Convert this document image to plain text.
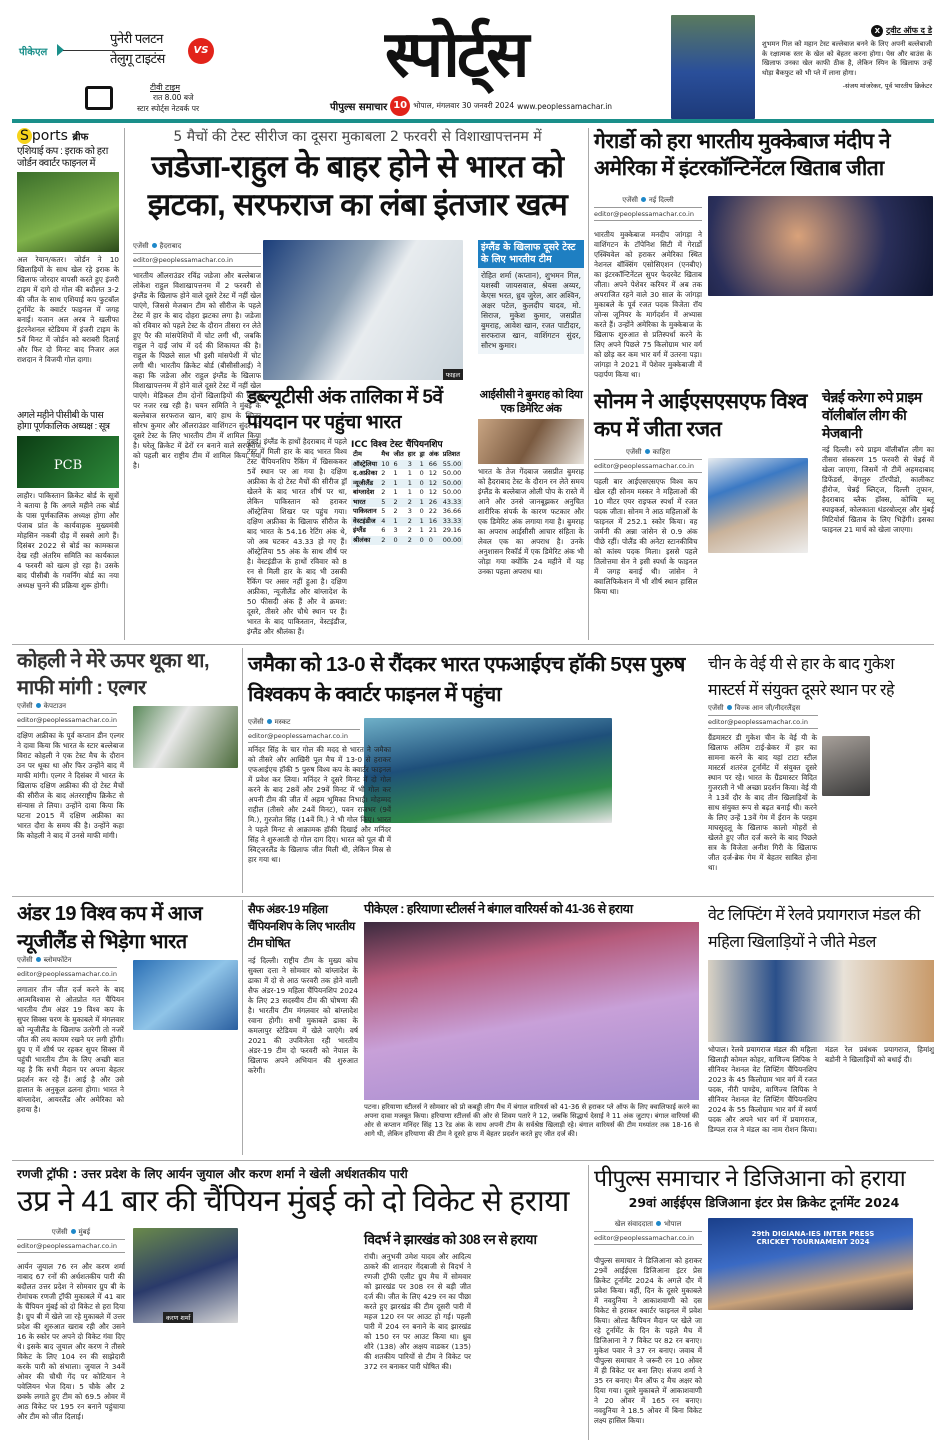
पीकेएल
पुनेरी पलटन
तेलुगू टाइटंस
VS
टीवी टाइम
रात 8.00 बजे
स्टार स्पोर्ट्स नेटवर्क पर
स्पोर्ट्स
पीपुल्स समाचार 10 भोपाल, मंगलवार 30 जनवरी 2024 www.peoplessamachar.in
X ट्वीट ऑफ द डे
शुभमन गिल को महान टेस्ट बल्लेबाज बनने के लिए अपनी बल्लेबाजी के रक्षात्मक स्तर के खेल को बेहतर करना होगा। पेस और बाउंस के खिलाफ उनका खेल काफी ठीक है, लेकिन स्पिन के खिलाफ उन्हें थोड़ा बैकफुट को भी प्ले में लाना होगा।
-संजय मांजरेकर, पूर्व भारतीय क्रिकेटर
S ports ब्रीफ
एशियाई कप : इराक को हरा जोर्डन क्वार्टर फाइनल में
अल रेयान/कतर। जोर्डन ने 10 खिलाड़ियों के साथ खेल रहे इराक के खिलाफ जोरदार वापसी करते हुए इंजरी टाइम में दागे दो गोल की बदौलत 3-2 की जीत के साथ एशियाई कप फुटबॉल टूर्नामेंट के क्वार्टर फाइनल में जगह बनाई। यजान अल अरब ने खलीफा इंटरनेशनल स्टेडियम में इंजरी टाइम के 5वें मिनट में जोर्डन को बराबरी दिलाई और फिर दो मिनट बाद निजार अल राशदान ने विजयी गोल दागा।
अगले महीने पीसीबी के पास होगा पूर्णकालिक अध्यक्ष : सूत्र
PCB
लाहौर। पाकिस्तान क्रिकेट बोर्ड के सूत्रों ने बताया है कि अगले महीने तक बोर्ड के पास पूर्णकालिक अध्यक्ष होगा और पंजाब प्रांत के कार्यवाहक मुख्यमंत्री मोहसिन नकवी दौड़ में सबसे आगे हैं। दिसंबर 2022 से बोर्ड का कामकाज देख रही अंतरिम समिति का कार्यकाल 4 फरवरी को खत्म हो रहा है। उसके बाद पीसीबी के गवर्निंग बोर्ड का नया अध्यक्ष चुनने की प्रक्रिया शुरू होगी।
5 मैचों की टेस्ट सीरीज का दूसरा मुकाबला 2 फरवरी से विशाखापत्तनम में
जडेजा-राहुल के बाहर होने से भारत को झटका, सरफराज का लंबा इंतजार खत्म
एजेंसी हैदराबाद
editor@peoplessamachar.co.in
भारतीय ऑलराउंडर रविंद्र जडेजा और बल्लेबाज लोकेश राहुल विशाखापत्तनम में 2 फरवरी से इंग्लैंड के खिलाफ होने वाले दूसरे टेस्ट में नहीं खेल पाएंगे, जिससे मेजबान टीम को सीरीज के पहले टेस्ट में हार के बाद दोहरा झटका लगा है। जडेजा को रविवार को पहले टेस्ट के दौरान तीसरा रन लेते हुए पैर की मांसपेशियों में चोट लगी थी, जबकि राहुल ने दाईं जांघ में दर्द की शिकायत की है। राहुल के पिछले साल भी इसी मांसपेशी में चोट लगी थी। भारतीय क्रिकेट बोर्ड (बीसीसीआई) ने कहा कि जडेजा और राहुल इंग्लैंड के खिलाफ विशाखापत्तनम में होने वाले दूसरे टेस्ट में नहीं खेल पाएंगे। मेडिकल टीम दोनों खिलाड़ियों की प्रगति पर नजर रख रही है। चयन समिति ने मुंबई के बल्लेबाज सरफराज खान, बाएं हाथ के स्पिनर सौरभ कुमार और ऑलराउंडर वाशिंगटन सुंदर को दूसरे टेस्ट के लिए भारतीय टीम में शामिल किया है। घरेलू क्रिकेट में ढेरों रन बनाने वाले सरफराज को पहली बार राष्ट्रीय टीम में शामिल किया गया है।
फाइल
इंग्लैंड के खिलाफ दूसरे टेस्ट के लिए भारतीय टीम
रोहित शर्मा (कप्तान), शुभमन गिल, यशस्वी जायसवाल, श्रेयस अय्यर, केएस भरत, ध्रुव जुरेल, आर अश्विन, अक्षर पटेल, कुलदीप यादव, मो. सिराज, मुकेश कुमार, जसप्रीत बुमराह, आवेश खान, रजत पाटीदार, सरफराज खान, वाशिंगटन सुंदर, सौरभ कुमार।
डब्ल्यूटीसी अंक तालिका में 5वें पायदान पर पहुंचा भारत
दुबई। इंग्लैंड के हाथों हैदराबाद में पहले टेस्ट में मिली हार के बाद भारत विश्व टेस्ट चैंपियनशिप रैंकिंग में खिसककर 5वें स्थान पर आ गया है। दक्षिण अफ्रीका के दो टेस्ट मैचों की सीरीज ड्रॉ खेलने के बाद भारत शीर्ष पर था, लेकिन पाकिस्तान को हराकर ऑस्ट्रेलिया शिखर पर पहुंच गया। दक्षिण अफ्रीका के खिलाफ सीरीज के बाद भारत के 54.16 रेटिंग अंक थे, जो अब घटकर 43.33 हो गए हैं। ऑस्ट्रेलिया 55 अंक के साथ शीर्ष पर है। वेस्टइंडीज के हाथों रविवार को 8 रन से मिली हार के बाद भी उसकी रैंकिंग पर असर नहीं हुआ है। दक्षिण अफ्रीका, न्यूजीलैंड और बांग्लादेश के 50 फीसदी अंक हैं और वे क्रमश: दूसरे, तीसरे और चौथे स्थान पर हैं। भारत के बाद पाकिस्तान, वेस्टइंडीज, इंग्लैंड और श्रीलंका हैं।
ICC विश्व टेस्ट चैंपियनशिप
टीम	मैच	जीत	हार	ड्रा	अंक	प्रतिशत
ऑस्ट्रेलिया	10	6	3	1	66	55.00
द.अफ्रीका	2	1	1	0	12	50.00
न्यूजीलैंड	2	1	1	0	12	50.00
बांग्लादेश	2	1	1	0	12	50.00
भारत	5	2	2	1	26	43.33
पाकिस्तान	5	2	3	0	22	36.66
वेस्टइंडीज	4	1	2	1	16	33.33
इंग्लैंड	6	3	2	1	21	29.16
श्रीलंका	2	0	2	0	0	00.00
आईसीसी ने बुमराह को दिया एक डिमेरिट अंक
भारत के तेज गेंदबाज जसप्रीत बुमराह को हैदराबाद टेस्ट के दौरान रन लेते समय इंग्लैंड के बल्लेबाज ओली पोप के रास्ते में आने और उनसे जानबूझकर अनुचित शारीरिक संपर्क के कारण फटकार और एक डिमेरिट अंक लगाया गया है। बुमराह का अपराध आईसीसी आचार संहिता के लेवल एक का अपराध है। उनके अनुशासन रिकॉर्ड में एक डिमेरिट अंक भी जोड़ा गया क्योंकि 24 महीने में यह उनका पहला अपराध था।
गेरार्डो को हरा भारतीय मुक्केबाज मंदीप ने अमेरिका में इंटरकॉन्टिनेंटल खिताब जीता
एजेंसी नई दिल्ली
editor@peoplessamachar.co.in
भारतीय मुक्केबाज मनदीप जांगड़ा ने वाशिंगटन के टॉपेनिश सिटी में गेरार्डो एस्क्विवेल को हराकर अमेरिका स्थित नेशनल बॉक्सिंग एसोसिएशन (एनबीए) का इंटरकॉन्टिनेंटल सुपर फेदरवेट खिताब जीता। अपने पेशेवर करियर में अब तक अपराजित रहने वाले 30 साल के जांगड़ा मुकाबले के पूर्व रजत पदक विजेता रॉय जोन्स जूनियर के मार्गदर्शन में अभ्यास करते हैं। उन्होंने अमेरिका के मुक्केबाज के खिलाफ शुरुआत से प्रतिस्पर्धा करने के लिए अपने पिछले 75 किलोग्राम भार वर्ग को छोड़ कर कम भार वर्ग में उतरना पड़ा। जांगड़ा ने 2021 में पेशेवर मुक्केबाजी में पदार्पण किया था।
सोनम ने आईएसएसएफ विश्व कप में जीता रजत
एजेंसी काहिरा
editor@peoplessamachar.co.in
पहली बार आईएसएसएफ विश्व कप खेल रही सोनम मस्कर ने महिलाओं की 10 मीटर एयर राइफल स्पर्धा में रजत पदक जीता। सोनम ने आठ महिलाओं के फाइनल में 252.1 स्कोर किया। वह जर्मनी की अन्ना जांसेन से 0.9 अंक पीछे रहीं। पोलैंड की अनेटा स्टानकीविच को कांस्य पदक मिला। इससे पहले तिलोत्तमा सेन ने इसी स्पर्धा के फाइनल में जगह बनाई थी। जांसेन ने क्वालिफिकेशन में भी शीर्ष स्थान हासिल किया था।
चेन्नई करेगा रुपे प्राइम वॉलीबॉल लीग की मेजबानी
नई दिल्ली। रुपे प्राइम वॉलीबॉल लीग का तीसरा संस्करण 15 फरवरी से चेन्नई में खेला जाएगा, जिसमें नौ टीमें अहमदाबाद डिफेंडर्स, बेंगलुरु टॉरपीडो, कालीकट हीरोज, चेन्नई ब्लिट्ज, दिल्ली तूफान, हैदराबाद ब्लैक हॉक्स, कोच्चि ब्लू स्पाइकर्स, कोलकाता थंडरबोल्ट्स और मुंबई मिटियोर्स खिताब के लिए भिड़ेंगी। इसका फाइनल 21 मार्च को खेला जाएगा।
कोहली ने मेरे ऊपर थूका था, माफी मांगी : एल्गर
एजेंसी केपटाउन
editor@peoplessamachar.co.in
दक्षिण अफ्रीका के पूर्व कप्तान डीन एल्गर ने दावा किया कि भारत के स्टार बल्लेबाज विराट कोहली ने एक टेस्ट मैच के दौरान उन पर थूका था और फिर उन्होंने बाद में माफी मांगी। एल्गर ने दिसंबर में भारत के खिलाफ दक्षिण अफ्रीका की दो टेस्ट मैचों की सीरीज के बाद अंतरराष्ट्रीय क्रिकेट से संन्यास ले लिया। उन्होंने दावा किया कि घटना 2015 में दक्षिण अफ्रीका का भारत दौरा के समय की है। उन्होंने कहा कि कोहली ने बाद में उनसे माफी मांगी।
जमैका को 13-0 से रौंदकर भारत एफआईएच हॉकी 5एस पुरुष विश्वकप के क्वार्टर फाइनल में पहुंचा
एजेंसी मस्कट
editor@peoplessamachar.co.in
मनिंदर सिंह के चार गोल की मदद से भारत ने जमैका को तीसरे और आखिरी पूल मैच में 13-0 से हराकर एफआईएच हॉकी 5 पुरुष विश्व कप के क्वार्टर फाइनल में प्रवेश कर लिया। मनिंदर ने दूसरे मिनट में दो गोल करने के बाद 28वें और 29वें मिनट में भी गोल कर अपनी टीम की जीत में अहम भूमिका निभाई। मोहम्मद राहील (तीसरे और 24वें मिनट), पवन राजभर (9वें मि.), गुरजोत सिंह (14वें मि.) ने भी गोल किए। भारत ने पहले मिनट से आक्रामक हॉकी दिखाई और मनिंदर सिंह ने शुरुआती दो गोल दाग दिए। भारत को पूल बी में स्विट्जरलैंड के खिलाफ जीत मिली थी, लेकिन मिस्र से हार गया था।
चीन के वेई यी से हार के बाद गुकेश मास्टर्स में संयुक्त दूसरे स्थान पर रहे
एजेंसी विज्क आन जी/नीदरलैंड्स
editor@peoplessamachar.co.in
ग्रैंडमास्टर डी गुकेश चीन के वेई यी के खिलाफ अंतिम टाई-ब्रेकर में हार का सामना करने के बाद यहां टाटा स्टील मास्टर्स शतरंज टूर्नामेंट में संयुक्त दूसरे स्थान पर रहे। भारत के ग्रैंडमास्टर विदित गुजराती ने भी अच्छा प्रदर्शन किया। वेई यी ने 13वें दौर के बाद तीन खिलाड़ियों के साथ संयुक्त रूप से बढ़त बनाई थी। करने के लिए उन्हें 13वें गेम में ईरान के परहम माघसूदलू के खिलाफ कालो मोहरों से खेलते हुए जीत दर्ज करने के बाद पिछले सत्र के विजेता अनीश गिरी के खिलाफ जीत दर्ज-ब्रेक गेम में बेहतर साबित होना था।
अंडर 19 विश्व कप में आज न्यूजीलैंड से भिड़ेगा भारत
एजेंसी ब्लोमफोंटेन
editor@peoplessamachar.co.in
लगातार तीन जीत दर्ज करने के बाद आत्मविश्वास से ओतप्रोत गत चैंपियन भारतीय टीम अंडर 19 विश्व कप के सुपर सिक्स चरण के मुकाबले में मंगलवार को न्यूजीलैंड के खिलाफ उतरेगी तो नजरें जीत की लय कायम रखने पर लगी होंगी। ग्रुप ए में शीर्ष पर रहकर सुपर सिक्स में पहुंची भारतीय टीम के लिए अच्छी बात यह है कि सभी मैदान पर अपना बेहतर प्रदर्शन कर रहे हैं। आई है और उसे हालात के अनुकूल ढलना होगा। भारत ने बांग्लादेश, आयरलैंड और अमेरिका को हराया है।
सैफ अंडर-19 महिला चैंपियनशिप के लिए भारतीय टीम घोषित
नई दिल्ली। राष्ट्रीय टीम के मुख्य कोच सुक्ला दत्ता ने सोमवार को बांग्लादेश के ढाका में दो से आठ फरवरी तक होने वाली सैफ अंडर-19 महिला चैंपियनशिप 2024 के लिए 23 सदस्यीय टीम की घोषणा की है। भारतीय टीम मंगलवार को बांग्लादेश रवाना होगी। सभी मुकाबले ढाका के कमलापुर स्टेडियम में खेले जाएंगे। वर्ष 2021 की उपविजेता रही भारतीय अंडर-19 टीम दो फरवरी को नेपाल के खिलाफ अपने अभियान की शुरुआत करेगी।
पीकेएल : हरियाणा स्टीलर्स ने बंगाल वारियर्स को 41-36 से हराया
पटना। हरियाणा स्टीलर्स ने सोमवार को प्रो कबड्डी लीग मैच में बंगाल वारियर्स को 41-36 से हराकर प्ले ऑफ के लिए क्वालिफाई करने का अपना दावा मजबूत किया। हरियाणा स्टीलर्स की ओर से शिवम पतारे ने 12, जबकि सिद्धार्थ देसाई ने 11 अंक जुटाए। बंगाल वारियर्स की ओर से कप्तान मनिंदर सिंह 13 रेड अंक के साथ अपनी टीम के सर्वश्रेष्ठ खिलाड़ी रहे। बंगाल वारियर्स की टीम मध्यांतर तक 18-16 से आगे थी, लेकिन हरियाणा की टीम ने दूसरे हाफ में बेहतर प्रदर्शन करते हुए जीत दर्ज की।
वेट लिफ्टिंग में रेलवे प्रयागराज मंडल की महिला खिलाड़ियों ने जीते मेडल
भोपाल। रेलवे प्रयागराज मंडल की महिला खिलाड़ी कोमल कोहर, वाणिज्य लिपिक ने सीनियर नेशनल वेट लिफ्टिंग चैंपियनशिप 2023 के 45 किलोग्राम भार वर्ग में रजत पदक, नीरी पाण्डेय, वाणिज्य लिपिक ने सीनियर नेशनल वेट लिफ्टिंग चैंपियनशिप 2024 के 55 किलोग्राम भार वर्ग में स्वर्ण पदक और अपने भार वर्ग में प्रयागराज, डिम्पल राज ने मंडल का नाम रोशन किया। मंडल रेल प्रबंधक प्रयागराज, हिमांशु बडोनी ने खिलाड़ियों को बधाई दी।
रणजी ट्रॉफी : उत्तर प्रदेश के लिए आर्यन जुयाल और करण शर्मा ने खेली अर्धशतकीय पारी
उप्र ने 41 बार की चैंपियन मुंबई को दो विकेट से हराया
एजेंसी मुंबई
editor@peoplessamachar.co.in
करण शर्मा
आर्यन जुयाल 76 रन और करण शर्मा नाबाद 67 रनों की अर्धशतकीय पारी की बदौलत उत्तर प्रदेश ने सोमवार ग्रुप बी के रोमांचक रणजी ट्रॉफी मुकाबले में 41 बार के चैंपियन मुंबई को दो विकेट से हरा दिया है। ग्रुप बी में खेले जा रहे मुकाबले में उत्तर प्रदेश की शुरुआत खराब रही और उसने 16 के स्कोर पर अपने दो विकेट गंवा दिए थे। इसके बाद जुयाल और करण ने तीसरे विकेट के लिए 104 रन की साझेदारी करके पारी को संभाला। जुयाल ने 34वें ओवर की चौथी गेंद पर कोटियान ने पवेलियन भेज दिया। 5 चौके और 2 छक्के लगाते हुए टीम को 69.5 ओवर में आठ विकेट पर 195 रन बनाने पहुंचाया और टीम को जीत दिलाई।
विदर्भ ने झारखंड को 308 रन से हराया
रांची। अनुभवी उमेश यादव और आदित्य ठाकरे की शानदार गेंदबाजी से विदर्भ ने रणजी ट्रॉफी एलीट ग्रुप मैच में सोमवार को झारखंड पर 308 रन से बड़ी जीत दर्ज की। जीत के लिए 429 रन का पीछा करते हुए झारखंड की टीम दूसरी पारी में महज 120 रन पर आउट हो गई। पहली पारी में 204 रन बनाने के बाद झारखंड को 150 रन पर आउट किया था। ध्रुव शौरे (138) और अक्षय वाडकर (135) की शतकीय पारियों से टीम ने विकेट पर 372 रन बनाकर पारी घोषित की।
पीपुल्स समाचार ने डिजिआना को हराया
29वां आईईएस डिजिआना इंटर प्रेस क्रिकेट टूर्नामेंट 2024
खेल संवाददाता भोपाल
editor@peoplessamachar.co.in	29th DIGIANA-IES INTER PRESS CRICKET TOURNAMENT 2024
पीपुल्स समाचार ने डिजिआना को हराकर 29वें आईईएस डिजिआना इंटर प्रेस क्रिकेट टूर्नामेंट 2024 के अगले दौर में प्रवेश किया। वहीं, दिन के दूसरे मुकाबले में नवदुनिया ने आकाशवाणी को दस विकेट से हराकर क्वार्टर फाइनल में प्रवेश किया। ओल्ड कैंपियन मैदान पर खेले जा रहे टूर्नामेंट के दिन के पहले मैच में डिजिआना ने 7 विकेट पर 82 रन बनाए। मुकेश पवार ने 37 रन बनाए। जवाब में पीपुल्स समाचार ने जरूरी रन 10 ओवर में ही विकेट पर बना लिए। संजय शर्मा ने 35 रन बनाए। मैन ऑफ द मैच अक्षर को दिया गया। दूसरे मुकाबले में आकाशवाणी ने 20 ओवर में 165 रन बनाए। नवदुनिया ने 18.5 ओवर में बिना विकेट लक्ष्य हासिल किया।
